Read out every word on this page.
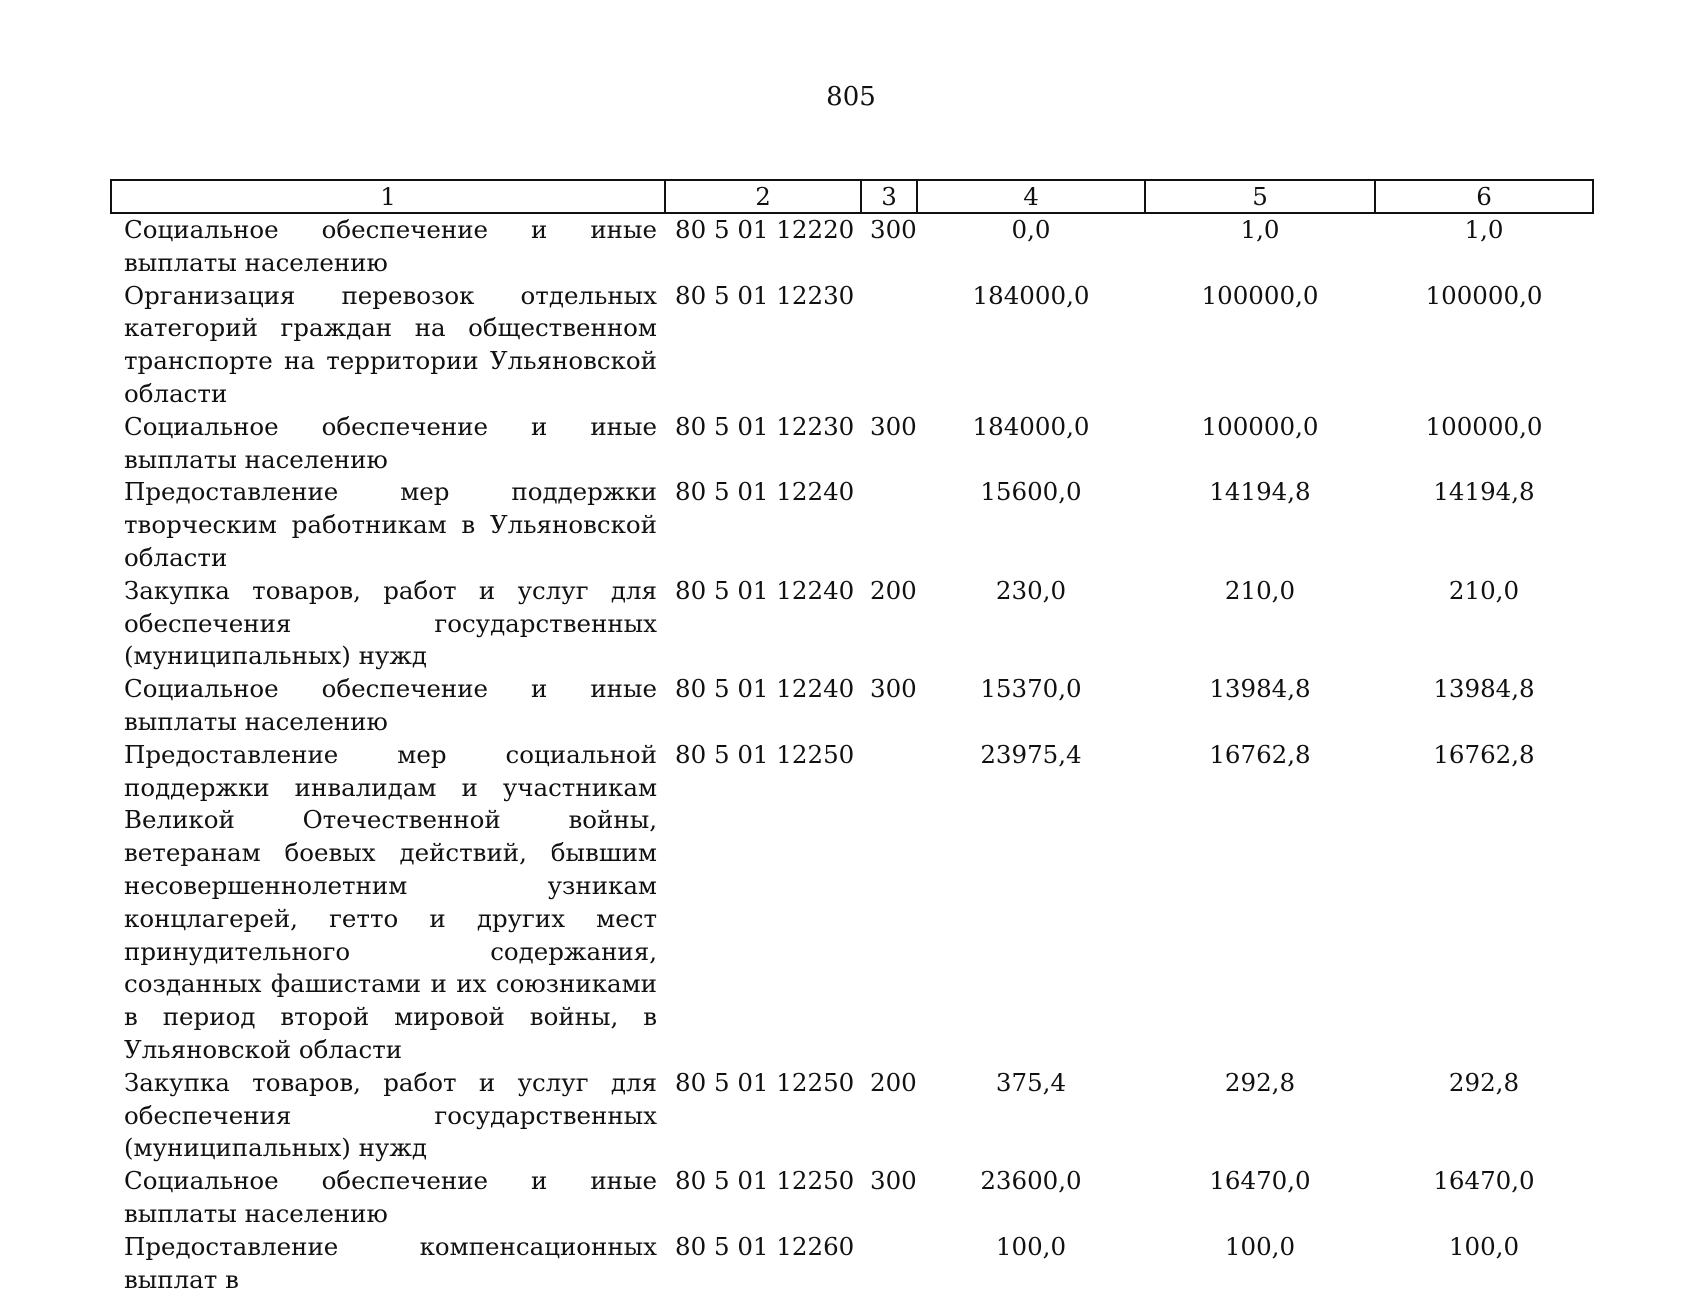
805
1	2	3	4	5	6
Социальное обеспечение и иные выплаты населению	80 5 01 12220	300	0,0	1,0	1,0
Организация перевозок отдельных категорий граждан на общественном транспорте на территории Ульяновской области	80 5 01 12230		184000,0	100000,0	100000,0
Социальное обеспечение и иные выплаты населению	80 5 01 12230	300	184000,0	100000,0	100000,0
Предоставление мер поддержки творческим работникам в Ульяновской области	80 5 01 12240		15600,0	14194,8	14194,8
Закупка товаров, работ и услуг для обеспечения государственных (муниципальных) нужд	80 5 01 12240	200	230,0	210,0	210,0
Социальное обеспечение и иные выплаты населению	80 5 01 12240	300	15370,0	13984,8	13984,8
Предоставление мер социальной поддержки инвалидам и участникам Великой Отечественной войны, ветеранам боевых действий, бывшим несовершеннолетним узникам концлагерей, гетто и других мест принудительного содержания, созданных фашистами и их союзниками в период второй мировой войны, в Ульяновской области	80 5 01 12250		23975,4	16762,8	16762,8
Закупка товаров, работ и услуг для обеспечения государственных (муниципальных) нужд	80 5 01 12250	200	375,4	292,8	292,8
Социальное обеспечение и иные выплаты населению	80 5 01 12250	300	23600,0	16470,0	16470,0
Предоставление компенсационных выплат в	80 5 01 12260		100,0	100,0	100,0
